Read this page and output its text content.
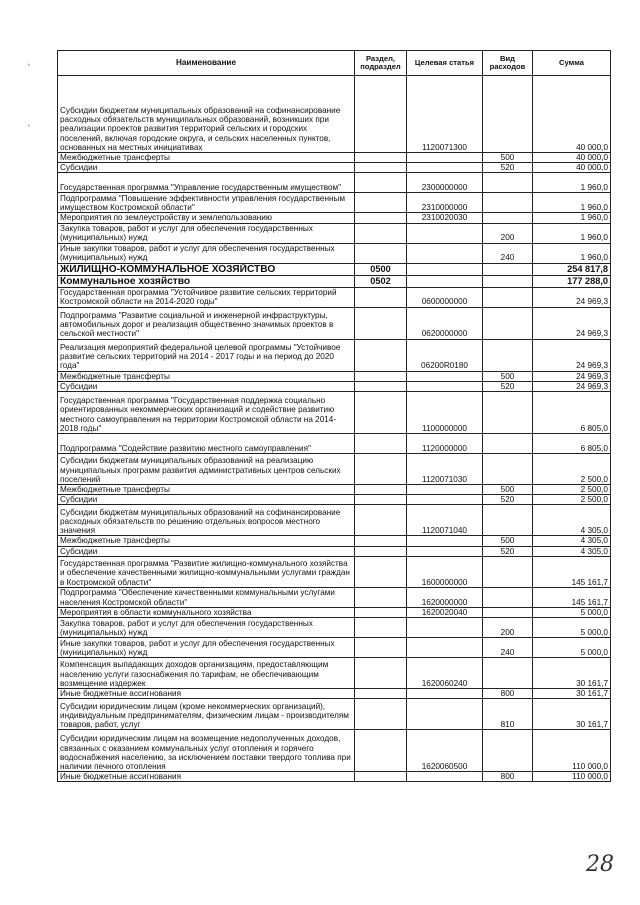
`
`
Наименование	Раздел, подраздел	Целевая статья	Вид расходов	Сумма
Субсидии бюджетам муниципальных образований на софинансирование расходных обязательств муниципальных образований, возникших при реализации проектов развития территорий сельских и городских поселений, включая городские округа, и сельских населенных пунктов, основанных на местных инициативах		1120071300		40 000,0
Межбюджетные трансферты			500	40 000,0
Субсидии			520	40 000,0
Государственная программа "Управление государственным имуществом"		2300000000		1 960,0
Подпрограмма "Повышение эффективности управления государственным имуществом Костромской области"		2310000000		1 960,0
Мероприятия по землеустройству и землепользованию		2310020030		1 960,0
Закупка товаров, работ и услуг для обеспечения государственных (муниципальных) нужд			200	1 960,0
Иные закупки товаров, работ и услуг для обеспечения государственных (муниципальных) нужд			240	1 960,0
ЖИЛИЩНО-КОММУНАЛЬНОЕ ХОЗЯЙСТВО	0500			254 817,8
Коммунальное хозяйство	0502			177 288,0
Государственная программа "Устойчивое развитие сельских территорий Костромской области на 2014-2020 годы"		0600000000		24 969,3
Подпрограмма "Развитие социальной и инженерной инфраструктуры, автомобильных дорог и реализация общественно значимых проектов в сельской местности"		0620000000		24 969,3
Реализация мероприятий федеральной целевой программы "Устойчивое развитие сельских территорий на 2014 - 2017 годы и на период до 2020 года"		06200R0180		24 969,3
Межбюджетные трансферты			500	24 969,3
Субсидии			520	24 969,3
Государственная программа "Государственная поддержка социально ориентированных некоммерческих организаций и содействие развитию местного самоуправления на территории Костромской области на 2014-2018 годы"		1100000000		6 805,0
Подпрограмма "Содействие развитию местного самоуправления"		1120000000		6 805,0
Субсидии бюджетам муниципальных образований на реализацию муниципальных программ развития административных центров сельских поселений		1120071030		2 500,0
Межбюджетные трансферты			500	2 500,0
Субсидии			520	2 500,0
Субсидии бюджетам муниципальных образований на софинансирование расходных обязательств по решению отдельных вопросов местного значения		1120071040		4 305,0
Межбюджетные трансферты			500	4 305,0
Субсидии			520	4 305,0
Государственная программа "Развитие жилищно-коммунального хозяйства и обеспечение качественными жилищно-коммунальными услугами граждан в Костромской области"		1600000000		145 161,7
Подпрограмма "Обеспечение качественными коммунальными услугами населения Костромской области"		1620000000		145 161,7
Мероприятия в области коммунального хозяйства		1620020040		5 000,0
Закупка товаров, работ и услуг для обеспечения государственных (муниципальных) нужд			200	5 000,0
Иные закупки товаров, работ и услуг для обеспечения государственных (муниципальных) нужд			240	5 000,0
Компенсация выпадающих доходов организациям, предоставляющим населению услуги газоснабжения по тарифам, не обеспечивающим возмещение издержек		1620060240		30 161,7
Иные бюджетные ассигнования			800	30 161,7
Субсидии юридическим лицам (кроме некоммерческих организаций), индивидуальным предпринимателям, физическим лицам - производителям товаров, работ, услуг			810	30 161,7
Субсидии юридическим лицам на возмещение недополученных доходов, связанных с оказанием коммунальных услуг отопления и горячего водоснабжения населению, за исключением поставки твердого топлива при наличии печного отопления		1620060500		110 000,0
Иные бюджетные ассигнования			800	110 000,0
28
